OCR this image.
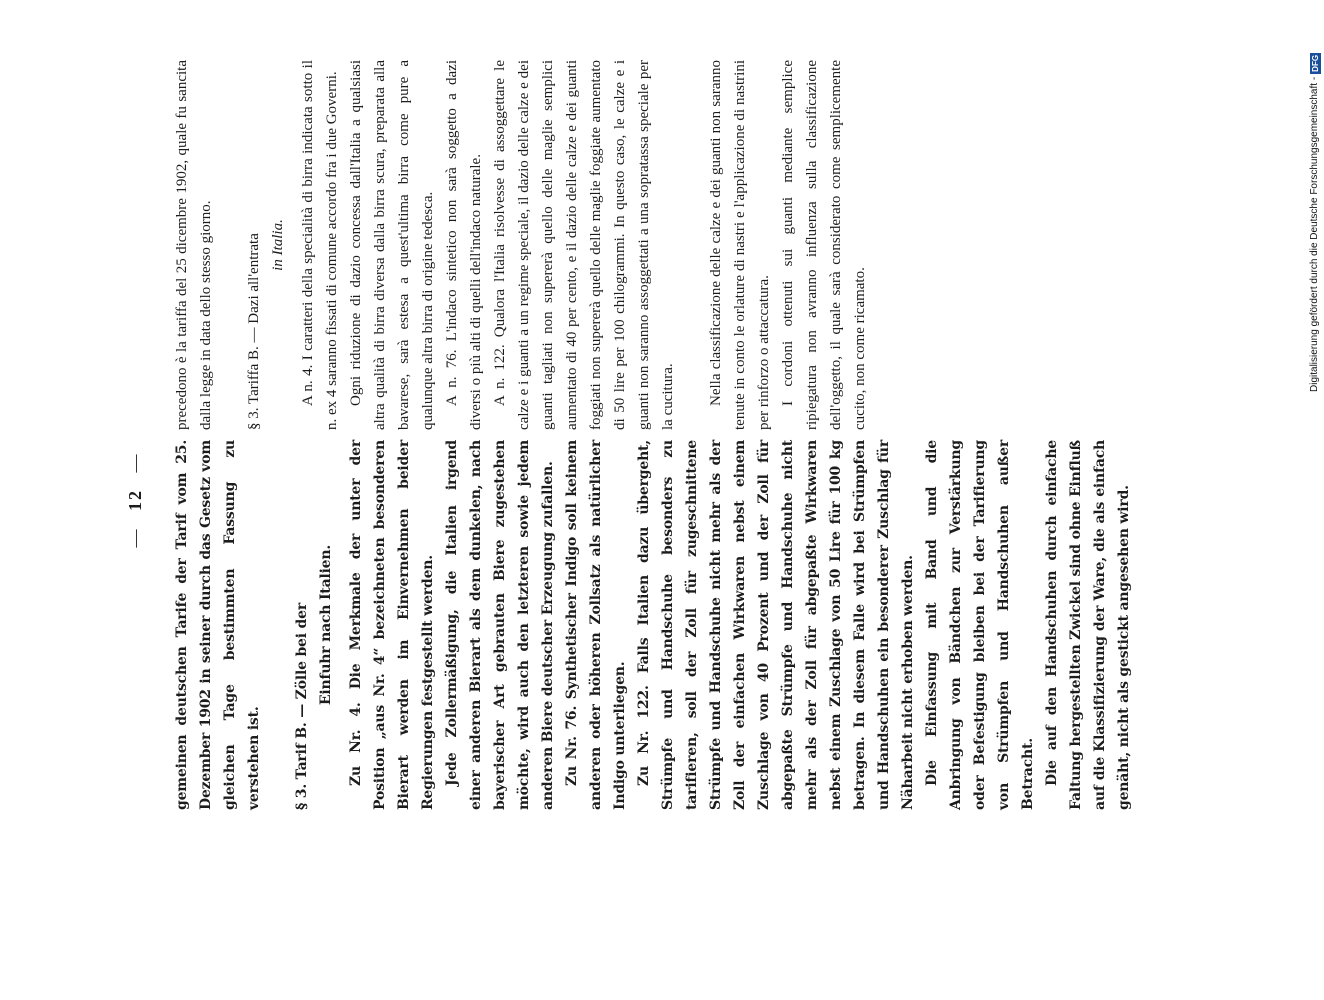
— 12 — gemeinen deutschen Tarife der Tarif vom 25. Dezember 1902 in seiner durch das Gesetz vom gleichen Tage bestimmten Fassung zu verstehen ist. § 3. Tarif B. — Zölle bei der Einfuhr nach Italien. Zu Nr. 4. Die Merkmale der unter der Position „aus Nr. 4“ bezeichneten besonderen Bierart werden im Einvernehmen beider Regierungen festgestellt werden. Jede Zollermäßigung, die Italien irgend einer anderen Bierart als dem dunkelen, nach bayerischer Art gebrauten Biere zugestehen möchte, wird auch den letzteren sowie jedem anderen Biere deutscher Erzeugung zufallen. Zu Nr. 76. Synthetischer Indigo soll keinem anderen oder höheren Zollsatz als natürlicher Indigo unterliegen. Zu Nr. 122. Falls Italien dazu übergeht, Strümpfe und Handschuhe besonders zu tarifieren, soll der Zoll für zugeschnittene Strümpfe und Handschuhe nicht mehr als der Zoll der einfachen Wirkwaren nebst einem Zuschlage von 40 Prozent und der Zoll für abgepaßte Strümpfe und Handschuhe nicht mehr als der Zoll für abgepaßte Wirkwaren nebst einem Zuschlage von 50 Lire für 100 kg betragen. In diesem Falle wird bei Strümpfen und Handschuhen ein besonderer Zuschlag für Näharbeit nicht erhoben werden. Die Einfassung mit Band und die Anbringung von Bändchen zur Verstärkung oder Befestigung bleiben bei der Tarifierung von Strümpfen und Handschuhen außer Betracht. Die auf den Handschuhen durch einfache Faltung hergestellten Zwickel sind ohne Einfluß auf die Klassifizierung der Ware, die als einfach genäht, nicht als gestickt angesehen wird.

precedono è la tariffa del 25 dicembre 1902, quale fu sancita dalla legge in data dello stesso giorno. § 3. Tariffa B. — Dazi all'entrata in Italia. A n. 4. I caratteri della specialità di birra indicata sotto il n. ex 4 saranno fissati di comune accordo fra i due Governi. Ogni riduzione di dazio concessa dall'Italia a qualsiasi altra qualità di birra diversa dalla birra scura, preparata alla bavarese, sarà estesa a quest'ultima birra come pure a qualunque altra birra di origine tedesca. A n. 76. L'indaco sintetico non sarà soggetto a dazi diversi o più alti di quelli dell'indaco naturale. A n. 122. Qualora l'Italia risolvesse di assoggettare le calze e i guanti a un regime speciale, il dazio delle calze e dei guanti tagliati non supererà quello delle maglie semplici aumentato di 40 per cento, e il dazio delle calze e dei guanti foggiati non supererà quello delle maglie foggiate aumentato di 50 lire per 100 chilogrammi. In questo caso, le calze e i guanti non saranno assoggettati a una sopratassa speciale per la cucitura. Nella classificazione delle calze e dei guanti non saranno tenute in conto le orlature di nastri e l'applicazione di nastrini per rinforzo o attaccatura. I cordoni ottenuti sui guanti mediante semplice ripiegatura non avranno influenza sulla classificazione dell'oggetto, il quale sarà considerato come semplicemente cucito, non come ricamato.	Digitalisierung gefördert durch die Deutsche Forschungsgemeinschaft -
DFG
